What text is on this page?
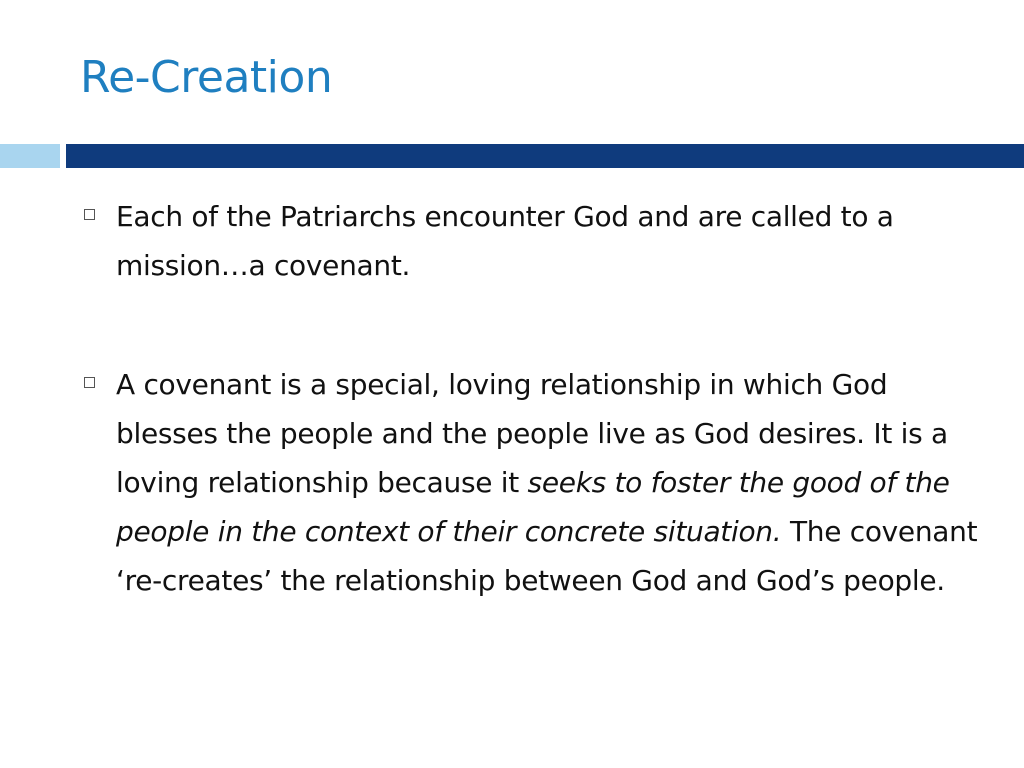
Re-Creation
Each of the Patriarchs encounter God and are called to a mission…a covenant.
A covenant is a special, loving relationship in which God blesses the people and the people live as God desires. It is a loving relationship because it seeks to foster the good of the people in the context of their concrete situation. The covenant ‘re-creates’ the relationship between God and God’s people.
